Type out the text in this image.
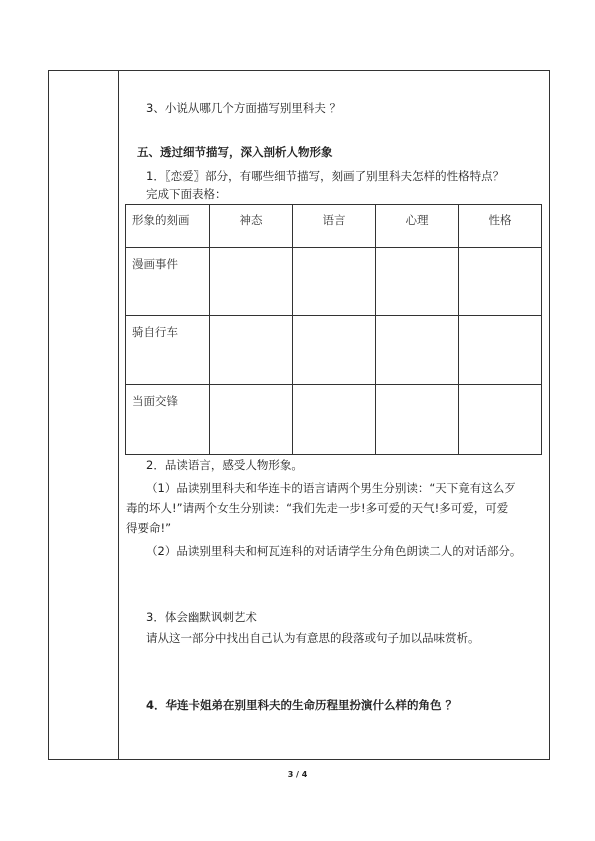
3、小说从哪几个方面描写别里科夫 ？
五、透过细节描写，深入剖析人物形象
1．〖恋爱〗部分，有哪些细节描写，刻画了别里科夫怎样的性格特点？
完成下面表格：
形象的刻画	神态	语言	心理	性格
漫画事件				
骑自行车				
当面交锋				
2．品读语言，感受人物形象。
（1）品读别里科夫和华连卡的语言请两个男生分别读：“天下竟有这么歹
毒的坏人!”请两个女生分别读：“我们先走一步!多可爱的天气!多可爱，可爱
得要命!”
（2）品读别里科夫和柯瓦连科的对话请学生分角色朗读二人的对话部分。
3．体会幽默讽刺艺术
请从这一部分中找出自己认为有意思的段落或句子加以品味赏析。
4．华连卡姐弟在别里科夫的生命历程里扮演什么样的角色 ？
3 / 4
